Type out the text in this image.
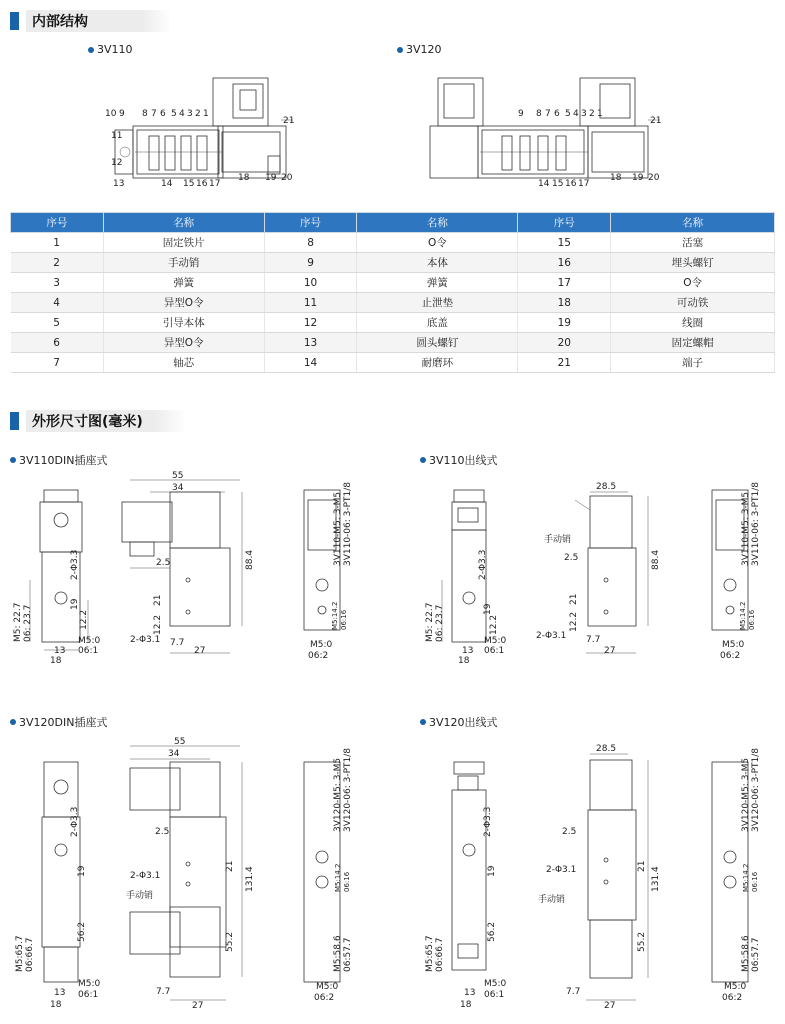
内部结构
3V110	3V120
10 9 8 7 6 5 4 3 2 1
21
11
12
13	14 15 16 17
18 19 20
9 8 7 6 5 4 3 2 1
21
14 15 16 17
18 19 20
序号	名称	序号	名称	序号	名称
1	固定铁片	8	O令	15	活塞
2	手动销	9	本体	16	埋头螺钉
3	弹簧	10	弹簧	17	O令
4	异型O令	11	止泄垫	18	可动铁
5	引导本体	12	底盖	19	线圈
6	异型O令	13	圆头螺钉	20	固定螺帽
7	轴芯	14	耐磨环	21	端子
外形尺寸图(毫米)
3V110DIN插座式	3V110出线式
3V120DIN插座式	3V120出线式
M5: 22.7 06: 23.7
2-Φ3.3
19
12.2
13
18
M5:0
06:1
55
34
88.4
2.5
21
12.2
2-Φ3.1 7.7
27
3V110-M5: 3-M5 3V110-06: 3-PT1/8
M5:14.2 06:16
M5:0
06:2
M5: 22.7 06: 23.7
2-Φ3.3
19
12.2
13
18
M5:0
06:1
28.5
手动销
88.4
2.5
21
12.2
2-Φ3.1 7.7
27
3V110-M5: 3-M5 3V110-06: 3-PT1/8
M5:14.2 06:16
M5:0
06:2
M5:65.7 06:66.7
2-Φ3.3
19
56.2
13
18
M5:0
06:1
55
34
131.4
2.5
21
55.2
2-Φ3.1
手动销
7.7
27
3V120-M5: 3-M5 3V120-06: 3-PT1/8
M5:14.2 06:16
M5:58.6 06:57.7
M5:0
06:2
M5:65.7 06:66.7
2-Φ3.3
19
56.2
13
18
M5:0
06:1
28.5
131.4
2.5
21
55.2
2-Φ3.1
手动销
7.7
27
3V120-M5: 3-M5 3V120-06: 3-PT1/8
M5:14.2 06:16
M5:58.6 06:57.7
M5:0
06:2
